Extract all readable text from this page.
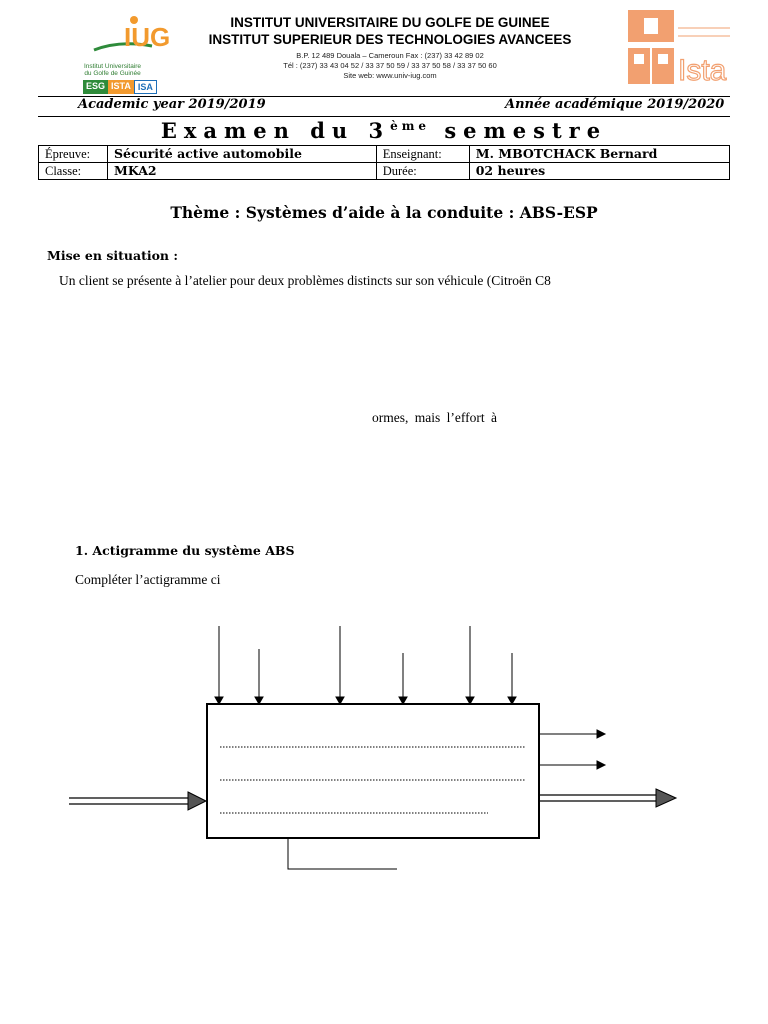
IUG
Institut Universitaire
du Golfe de Guinée
ESG ISTA ISA
INSTITUT UNIVERSITAIRE DU GOLFE DE GUINEE
INSTITUT SUPERIEUR DES TECHNOLOGIES AVANCEES
B.P. 12 489 Douala – Cameroun Fax : (237) 33 42 89 02
Tél : (237) 33 43 04 52 / 33 37 50 59 / 33 37 50 58 / 33 37 50 60
Site web: www.univ-iug.com	Ista
Academic year 2019/2019	Année académique 2019/2020
Examen du 3ème semestre
Épreuve:	Sécurité active automobile	Enseignant:	M. MBOTCHACK Bernard
Classe:	MKA2	Durée:	02 heures
Thème : Systèmes d’aide à la conduite : ABS-ESP
Mise en situation :
Un client se présente à l’atelier pour deux problèmes distincts sur son véhicule (Citroën C8
ormes, mais l’effort à
1. Actigramme du système ABS
Compléter l’actigramme ci
